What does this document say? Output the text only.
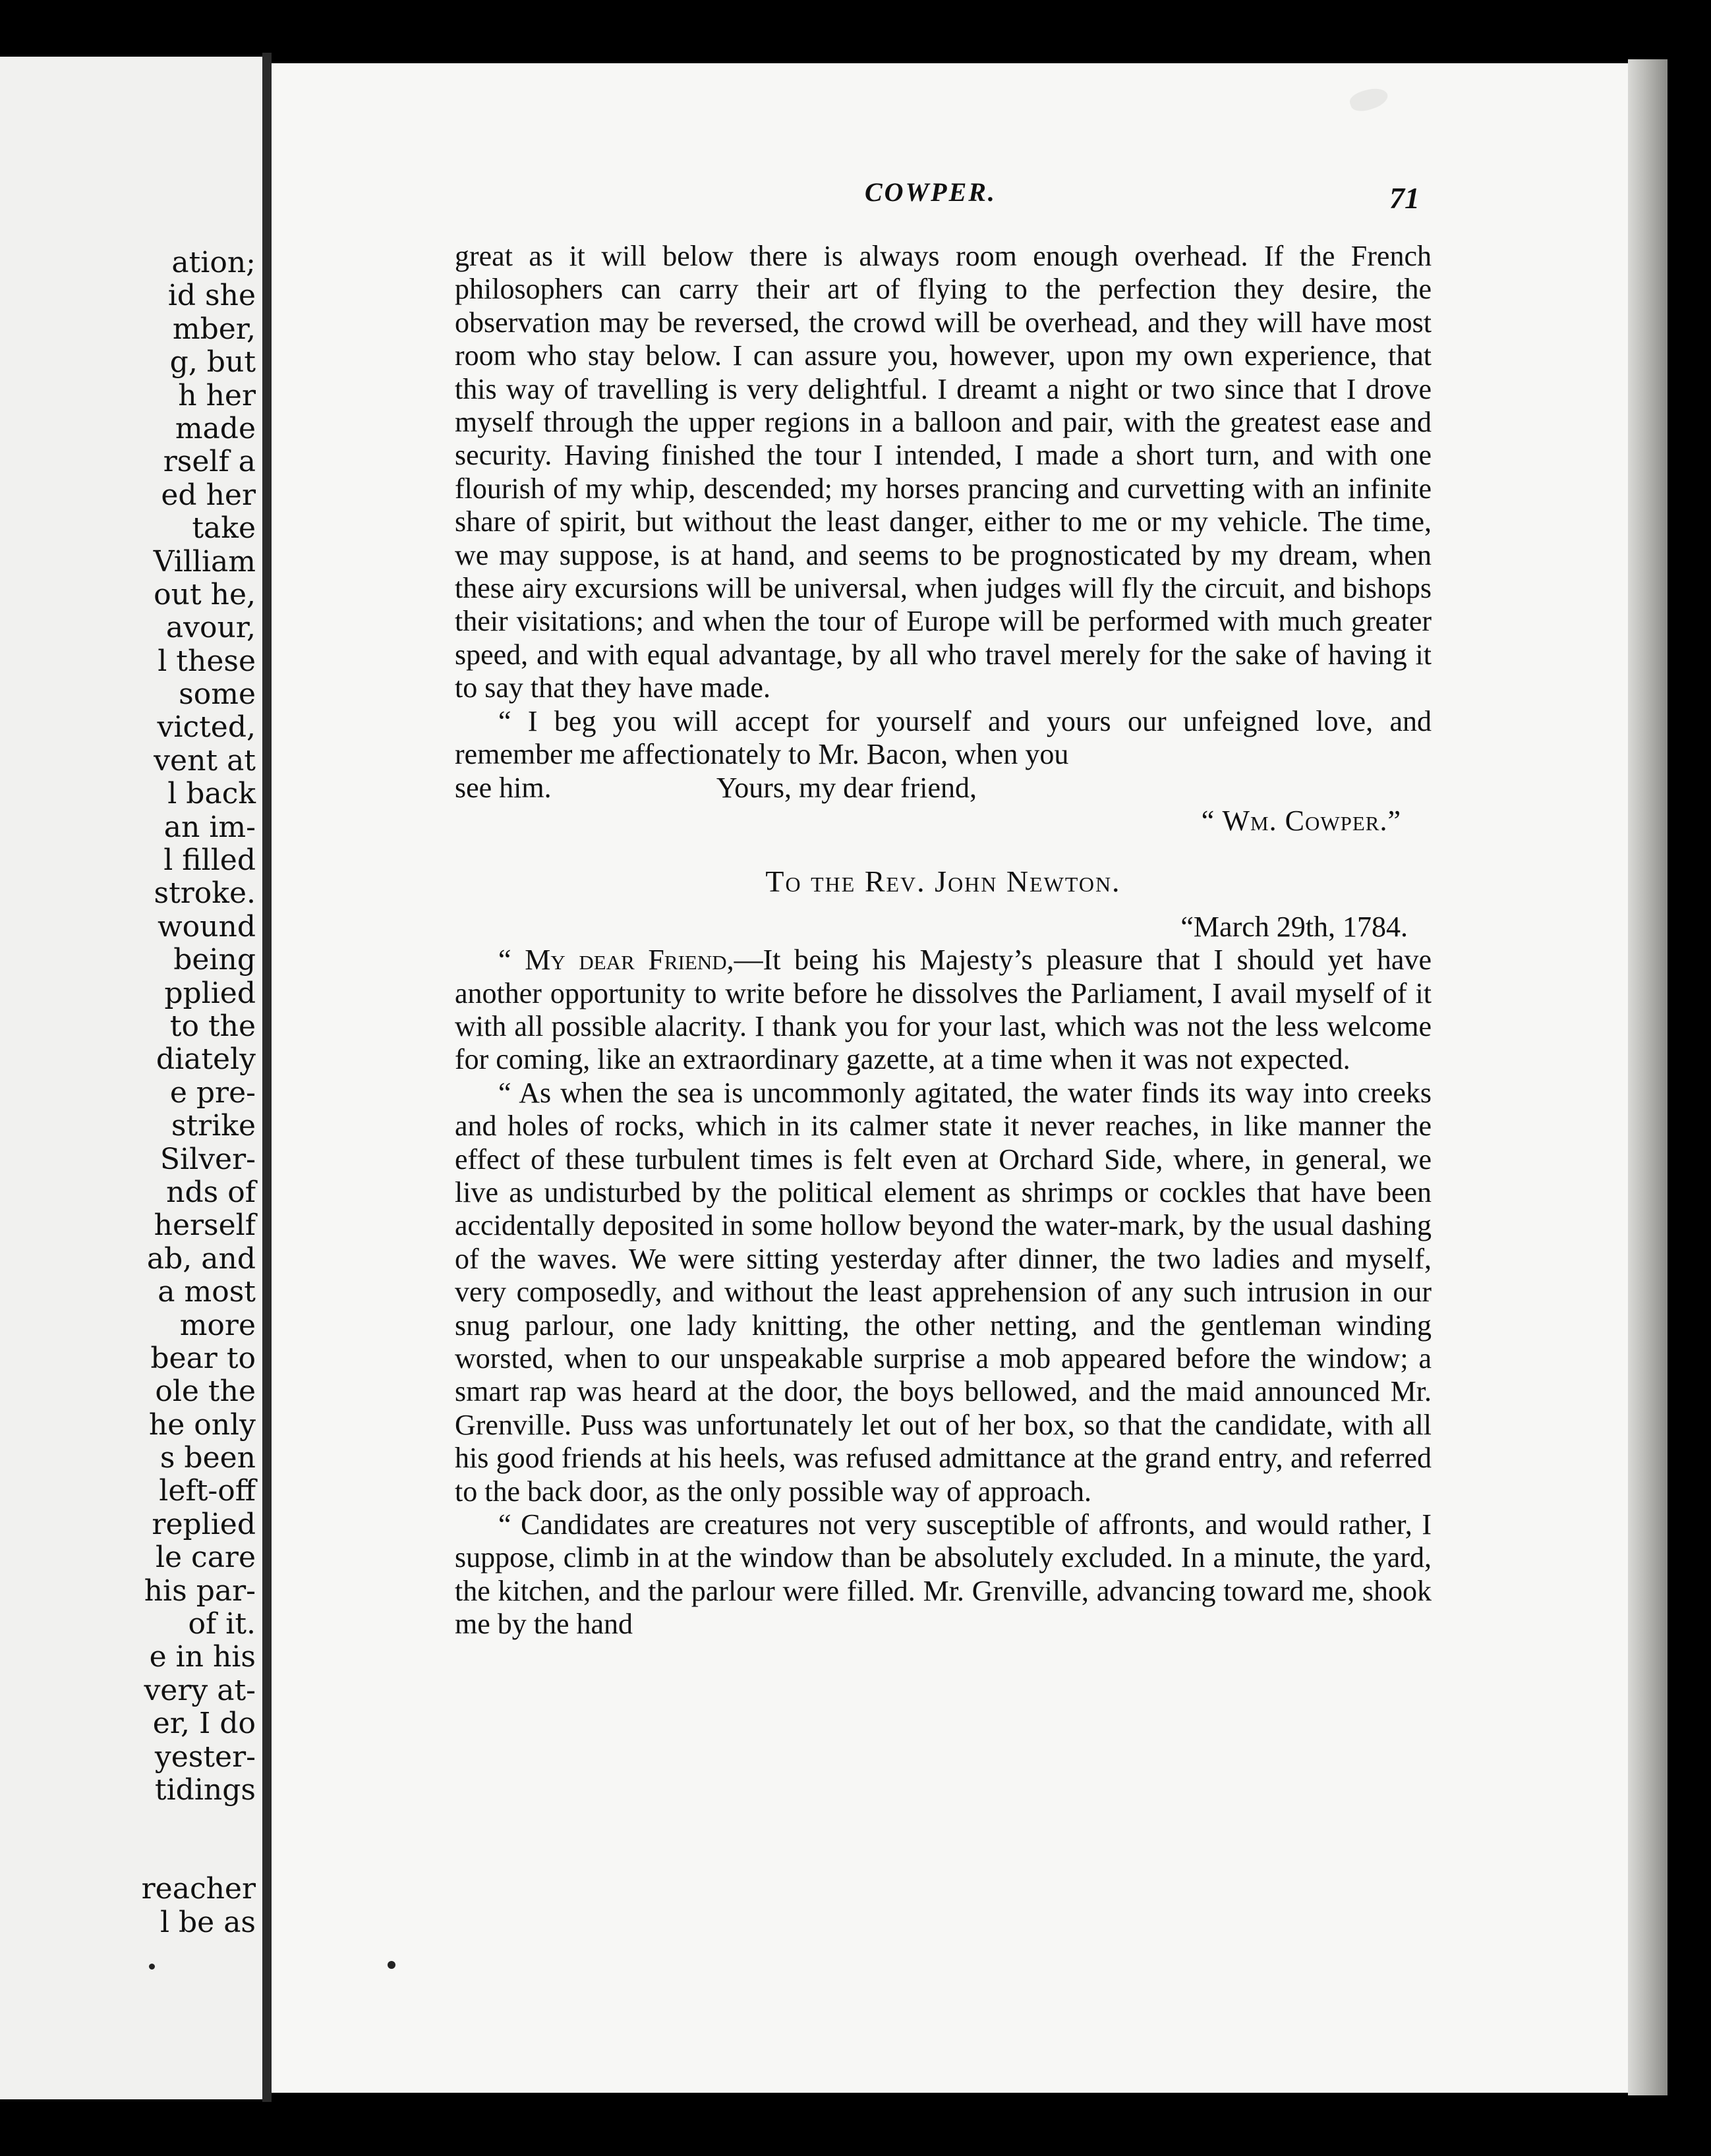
ation;
id she
mber,
g, but
h her
made
rself a
ed her
take
Villiam
out he,
avour,
l these
some
victed,
vent at
l back
an im-
l filled
stroke.
wound
being
pplied
to the
diately
e pre-
strike
Silver-
nds of
herself
ab, and
a most
more
bear to
ole the
he only
s been
left-off
replied
le care
his par-
of it.
e in his
very at-
er, I do
yester-
tidings
reacher
l be as
COWPER.	71

great as it will below there is always room enough overhead. If the French philosophers can carry their art of flying to the perfection they desire, the observation may be reversed, the crowd will be overhead, and they will have most room who stay below. I can assure you, however, upon my own experience, that this way of travelling is very delightful. I dreamt a night or two since that I drove myself through the upper regions in a balloon and pair, with the greatest ease and security. Having finished the tour I intended, I made a short turn, and with one flourish of my whip, descended; my horses prancing and curvetting with an infinite share of spirit, but without the least danger, either to me or my vehicle. The time, we may suppose, is at hand, and seems to be prognosticated by my dream, when these airy excursions will be universal, when judges will fly the circuit, and bishops their visitations; and when the tour of Europe will be performed with much greater speed, and with equal advantage, by all who travel merely for the sake of having it to say that they have made.

“ I beg you will accept for yourself and yours our unfeigned love, and remember me affectionately to Mr. Bacon, when you

see him.	Yours, my dear friend,
“ Wm. Cowper.”
To the Rev. John Newton.
“March 29th, 1784.

“ My dear Friend,—It being his Majesty’s pleasure that I should yet have another opportunity to write before he dissolves the Parliament, I avail myself of it with all possible alacrity. I thank you for your last, which was not the less welcome for coming, like an extraordinary gazette, at a time when it was not expected.

“ As when the sea is uncommonly agitated, the water finds its way into creeks and holes of rocks, which in its calmer state it never reaches, in like manner the effect of these turbulent times is felt even at Orchard Side, where, in general, we live as undisturbed by the political element as shrimps or cockles that have been accidentally deposited in some hollow beyond the water-mark, by the usual dashing of the waves. We were sitting yesterday after dinner, the two ladies and myself, very composedly, and without the least apprehension of any such intrusion in our snug parlour, one lady knitting, the other netting, and the gentleman winding worsted, when to our unspeakable surprise a mob appeared before the window; a smart rap was heard at the door, the boys bellowed, and the maid announced Mr. Grenville. Puss was unfortunately let out of her box, so that the candidate, with all his good friends at his heels, was refused admittance at the grand entry, and referred to the back door, as the only possible way of approach.

“ Candidates are creatures not very susceptible of affronts, and would rather, I suppose, climb in at the window than be absolutely excluded. In a minute, the yard, the kitchen, and the parlour were filled. Mr. Grenville, advancing toward me, shook me by the hand
